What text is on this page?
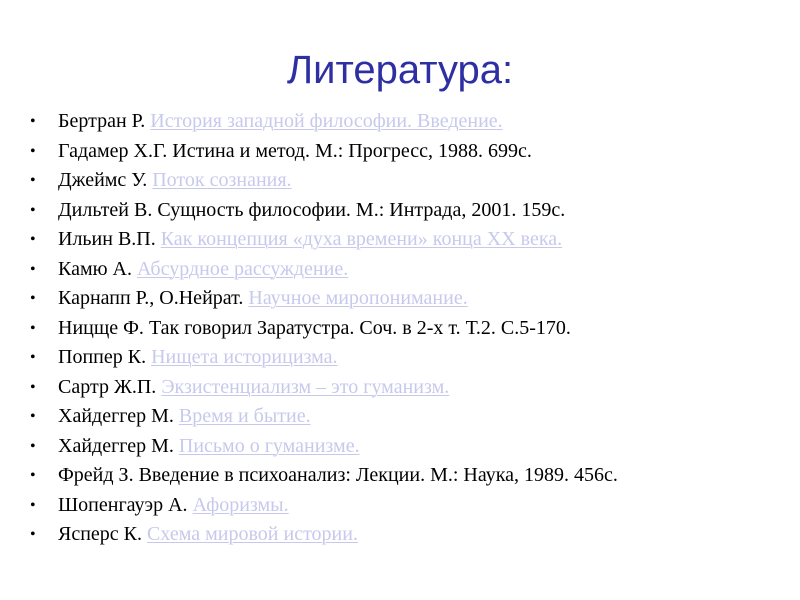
Литература:
• Бертран Р. История западной философии. Введение.
• Гадамер Х.Г. Истина и метод. М.: Прогресс, 1988. 699с.
• Джеймс У. Поток сознания.
• Дильтей В. Сущность философии. М.: Интрада, 2001. 159с.
• Ильин В.П. Как концепция «духа времени» конца XX века.
• Камю А. Абсурдное рассуждение.
• Карнапп Р., О.Нейрат. Научное миропонимание.
• Ницще Ф. Так говорил Заратустра. Соч. в 2-х т. Т.2. С.5-170.
• Поппер К. Нищета историцизма.
• Сартр Ж.П. Экзистенциализм – это гуманизм.
• Хайдеггер М. Время и бытие.
• Хайдеггер М. Письмо о гуманизме.
• Фрейд З. Введение в психоанализ: Лекции. М.: Наука, 1989. 456с.
• Шопенгауэр А. Афоризмы.
• Ясперс К. Схема мировой истории.
